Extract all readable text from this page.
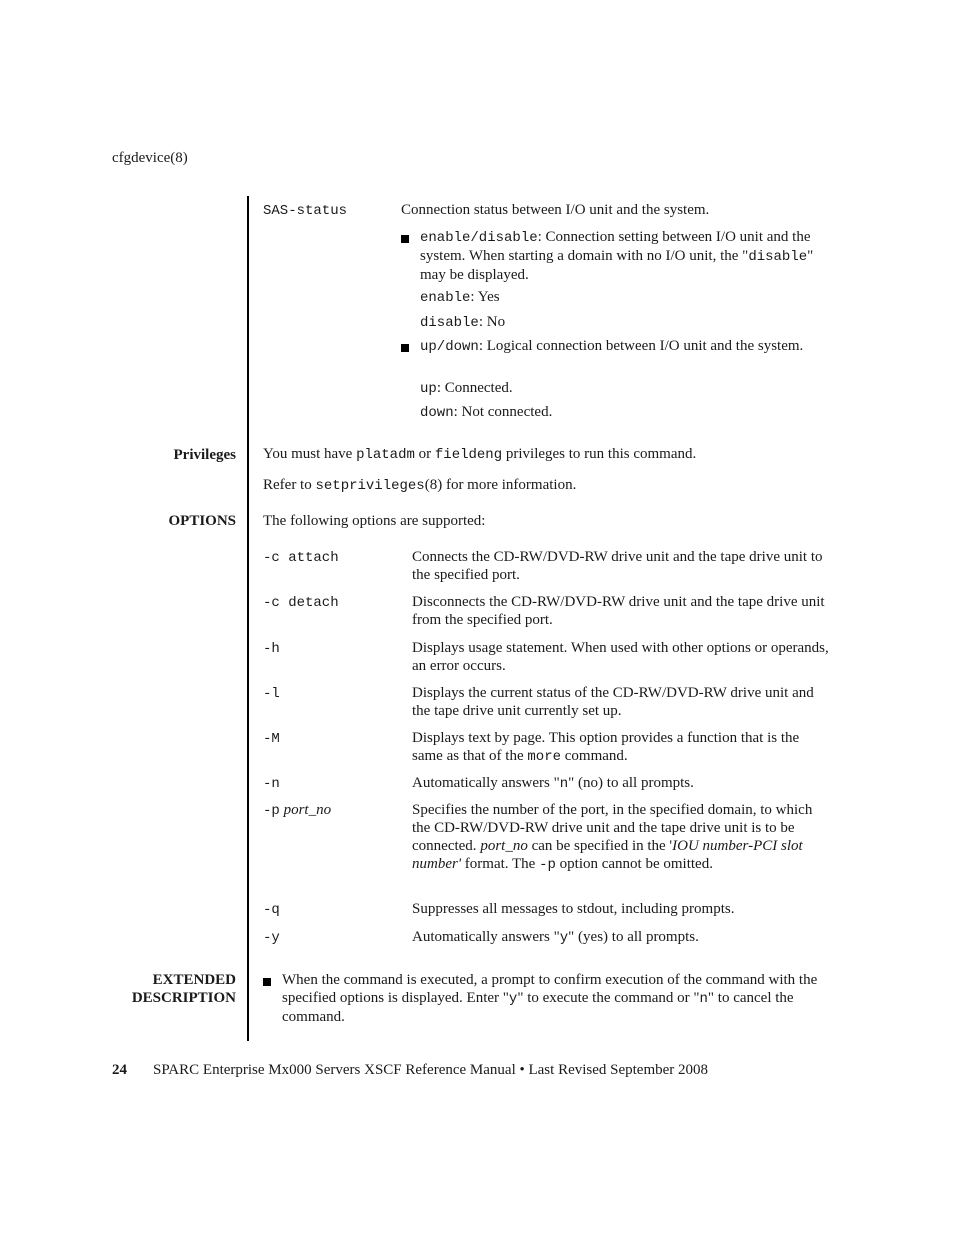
cfgdevice(8)
SAS-status	Connection status between I/O unit and the system.
enable/disable: Connection setting between I/O unit and the system. When starting a domain with no I/O unit, the "disable" may be displayed.
enable: Yes
disable: No
up/down: Logical connection between I/O unit and the system.
up: Connected.
down: Not connected.
Privileges You must have platadm or fieldeng privileges to run this command.
Refer to setprivileges(8) for more information.
OPTIONS The following options are supported:
-c attach	Connects the CD-RW/DVD-RW drive unit and the tape drive unit to the specified port.
-c detach	Disconnects the CD-RW/DVD-RW drive unit and the tape drive unit from the specified port.
-h	Displays usage statement. When used with other options or operands, an error occurs.
-l	Displays the current status of the CD-RW/DVD-RW drive unit and the tape drive unit currently set up.
-M	Displays text by page. This option provides a function that is the same as that of the more command.
-n	Automatically answers "n" (no) to all prompts.
-p port_no	Specifies the number of the port, in the specified domain, to which the CD-RW/DVD-RW drive unit and the tape drive unit is to be connected. port_no can be specified in the 'IOU number-PCI slot number' format. The -p option cannot be omitted.
-q	Suppresses all messages to stdout, including prompts.
-y	Automatically answers "y" (yes) to all prompts.
EXTENDED
DESCRIPTION
When the command is executed, a prompt to confirm execution of the command with the specified options is displayed. Enter "y" to execute the command or "n" to cancel the command.
24 SPARC Enterprise Mx000 Servers XSCF Reference Manual • Last Revised September 2008
